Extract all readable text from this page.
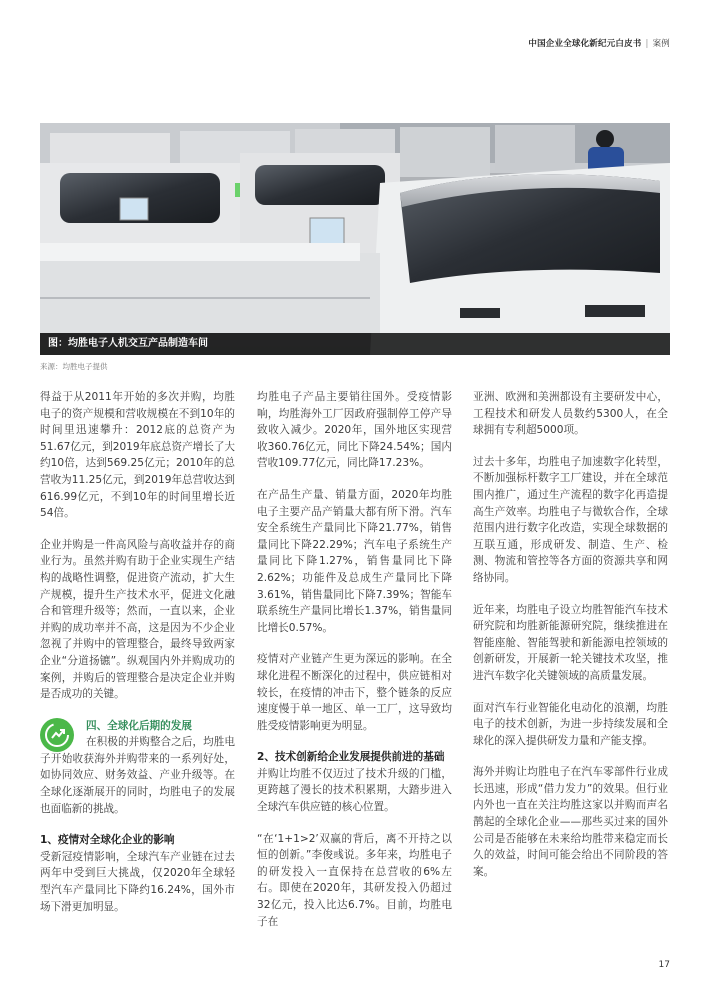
中国企业全球化新纪元白皮书 | 案例
图：均胜电子人机交互产品制造车间
来源：均胜电子提供

得益于从2011年开始的多次并购，均胜电子的资产规模和营收规模在不到10年的时间里迅速攀升：2012底的总资产为51.67亿元，到2019年底总资产增长了大约10倍，达到569.25亿元；2010年的总营收为11.25亿元，到2019年总营收达到616.99亿元，不到10年的时间里增长近54倍。

企业并购是一件高风险与高收益并存的商业行为。虽然并购有助于企业实现生产结构的战略性调整，促进资产流动，扩大生产规模，提升生产技术水平，促进文化融合和管理升级等；然而，一直以来，企业并购的成功率并不高，这是因为不少企业忽视了并购中的管理整合，最终导致两家企业“分道扬镳”。纵观国内外并购成功的案例，并购后的管理整合是决定企业并购是否成功的关键。

四、全球化后期的发展
在积极的并购整合之后，均胜电子开始收获海外并购带来的一系列好处，如协同效应、财务效益、产业升级等。在全球化逐渐展开的同时，均胜电子的发展也面临新的挑战。
1、疫情对全球化企业的影响

受新冠疫情影响，全球汽车产业链在过去两年中受到巨大挑战，仅2020年全球轻型汽车产量同比下降约16.24%，国外市场下滑更加明显。

均胜电子产品主要销往国外。受疫情影响，均胜海外工厂因政府强制停工停产导致收入减少。2020年，国外地区实现营收360.76亿元，同比下降24.54%；国内营收109.77亿元，同比降17.23%。

在产品生产量、销量方面，2020年均胜电子主要产品产销量大都有所下滑。汽车安全系统生产量同比下降21.77%，销售量同比下降22.29%；汽车电子系统生产量同比下降1.27%，销售量同比下降2.62%；功能件及总成生产量同比下降3.61%，销售量同比下降7.39%；智能车联系统生产量同比增长1.37%，销售量同比增长0.57%。

疫情对产业链产生更为深远的影响。在全球化进程不断深化的过程中，供应链相对较长，在疫情的冲击下，整个链条的反应速度慢于单一地区、单一工厂，这导致均胜受疫情影响更为明显。

2、技术创新给企业发展提供前进的基础

并购让均胜不仅迈过了技术升级的门槛，更跨越了漫长的技术积累期，大踏步进入全球汽车供应链的核心位置。

“在‘1+1>2’双赢的背后，离不开持之以恒的创新。”李俊彧说。多年来，均胜电子的研发投入一直保持在总营收的6%左右。即使在2020年，其研发投入仍超过32亿元，投入比达6.7%。目前，均胜电子在

亚洲、欧洲和美洲都设有主要研发中心，工程技术和研发人员数约5300人，在全球拥有专利超5000项。

过去十多年，均胜电子加速数字化转型，不断加强标杆数字工厂建设，并在全球范围内推广，通过生产流程的数字化再造提高生产效率。均胜电子与微软合作，全球范围内进行数字化改造，实现全球数据的互联互通，形成研发、制造、生产、检测、物流和管控等各方面的资源共享和网络协同。

近年来，均胜电子设立均胜智能汽车技术研究院和均胜新能源研究院，继续推进在智能座舱、智能驾驶和新能源电控领域的创新研发，开展新一轮关键技术攻坚，推进汽车数字化关键领域的高质量发展。

面对汽车行业智能化电动化的浪潮，均胜电子的技术创新，为进一步持续发展和全球化的深入提供研发力量和产能支撑。

海外并购让均胜电子在汽车零部件行业成长迅速，形成“借力发力”的效果。但行业内外也一直在关注均胜这家以并购而声名鹊起的全球化企业——那些买过来的国外公司是否能够在未来给均胜带来稳定而长久的效益，时间可能会给出不同阶段的答案。

17
